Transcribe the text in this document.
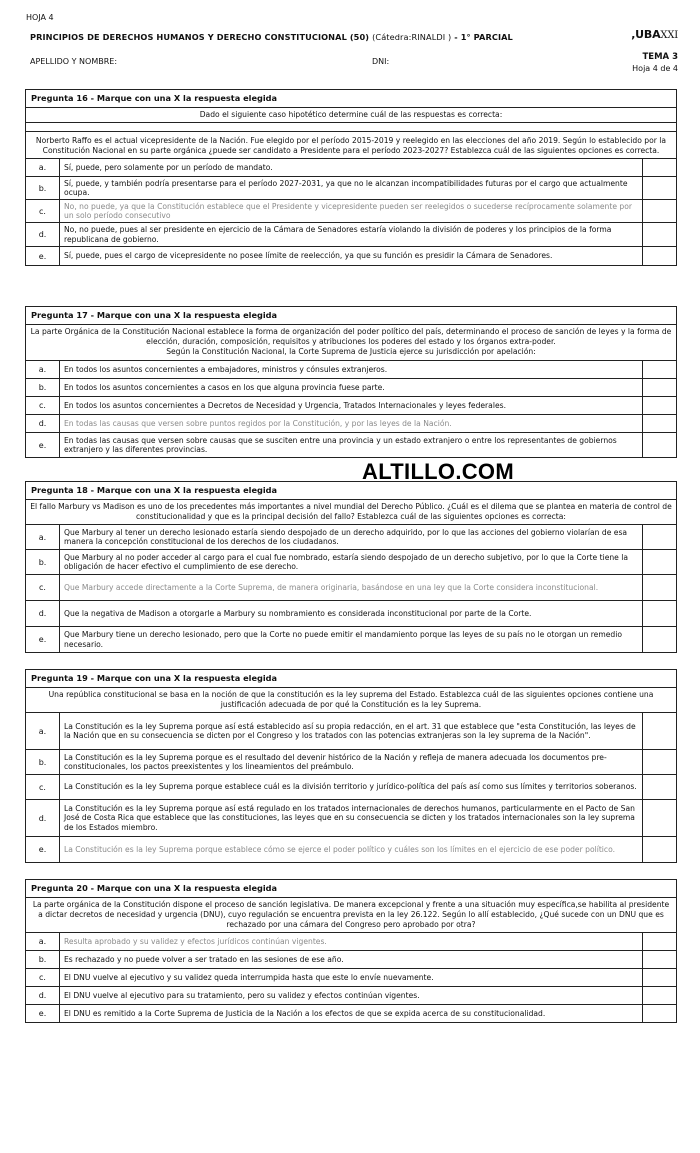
HOJA 4
PRINCIPIOS DE DERECHOS HUMANOS Y DERECHO CONSTITUCIONAL (50) (Cátedra:RINALDI ) - 1° PARCIAL	,UBAXXI
APELLIDO Y NOMBRE:	DNI:	TEMA 3
Hoja 4 de 4
Pregunta 16 - Marque con una X la respuesta elegida
Dado el siguiente caso hipotético determine cuál de las respuestas es correcta:
Norberto Raffo es el actual vicepresidente de la Nación. Fue elegido por el período 2015-2019 y reelegido en las elecciones del año 2019. Según lo establecido por la Constitución Nacional en su parte orgánica ¿puede ser candidato a Presidente para el período 2023-2027? Establezca cuál de las siguientes opciones es correcta.
a.	Sí, puede, pero solamente por un período de mandato.
b.
Sí, puede, y también podría presentarse para el período 2027-2031, ya que no le alcanzan incompatibilidades futuras por el cargo que actualmente ocupa.
c.
No, no puede, ya que la Constitución establece que el Presidente y vicepresidente pueden ser reelegidos o sucederse recíprocamente solamente por un solo período consecutivo
d.
No, no puede, pues al ser presidente en ejercicio de la Cámara de Senadores estaría violando la división de poderes y los principios de la forma republicana de gobierno.
e.	Sí, puede, pues el cargo de vicepresidente no posee límite de reelección, ya que su función es presidir la Cámara de Senadores.
Pregunta 17 - Marque con una X la respuesta elegida
La parte Orgánica de la Constitución Nacional establece la forma de organización del poder político del país, determinando el proceso de sanción de leyes y la forma de elección, duración, composición, requisitos y atribuciones los poderes del estado y los órganos extra-poder.
Según la Constitución Nacional, la Corte Suprema de Justicia ejerce su jurisdicción por apelación:
a.	En todos los asuntos concernientes a embajadores, ministros y cónsules extranjeros.
b.	En todos los asuntos concernientes a casos en los que alguna provincia fuese parte.
c.	En todos los asuntos concernientes a Decretos de Necesidad y Urgencia, Tratados Internacionales y leyes federales.
d.	En todas las causas que versen sobre puntos regidos por la Constitución, y por las leyes de la Nación.
e.
En todas las causas que versen sobre causas que se susciten entre una provincia y un estado extranjero o entre los representantes de gobiernos extranjero y las diferentes provincias.
ALTILLO.COM
Pregunta 18 - Marque con una X la respuesta elegida
El fallo Marbury vs Madison es uno de los precedentes más importantes a nivel mundial del Derecho Público. ¿Cuál es el dilema que se plantea en materia de control de constitucionalidad y que es la principal decisión del fallo? Establezca cuál de las siguientes opciones es correcta:
a.
Que Marbury al tener un derecho lesionado estaría siendo despojado de un derecho adquirido, por lo que las acciones del gobierno violarían de esa manera la concepción constitucional de los derechos de los ciudadanos.
b.
Que Marbury al no poder acceder al cargo para el cual fue nombrado, estaría siendo despojado de un derecho subjetivo, por lo que la Corte tiene la obligación de hacer efectivo el cumplimiento de ese derecho.
c.	Que Marbury accede directamente a la Corte Suprema, de manera originaria, basándose en una ley que la Corte considera inconstitucional.
d.	Que la negativa de Madison a otorgarle a Marbury su nombramiento es considerada inconstitucional por parte de la Corte.
e.
Que Marbury tiene un derecho lesionado, pero que la Corte no puede emitir el mandamiento porque las leyes de su país no le otorgan un remedio necesario.
Pregunta 19 - Marque con una X la respuesta elegida
Una república constitucional se basa en la noción de que la constitución es la ley suprema del Estado. Establezca cuál de las siguientes opciones contiene una justificación adecuada de por qué la Constitución es la ley Suprema.
a.
La Constitución es la ley Suprema porque así está establecido así su propia redacción, en el art. 31 que establece que "esta Constitución, las leyes de la Nación que en su consecuencia se dicten por el Congreso y los tratados con las potencias extranjeras son la ley suprema de la Nación".
b.
La Constitución es la ley Suprema porque es el resultado del devenir histórico de la Nación y refleja de manera adecuada los documentos pre-constitucionales, los pactos preexistentes y los lineamientos del preámbulo.
c.	La Constitución es la ley Suprema porque establece cuál es la división territorio y jurídico-política del país así como sus límites y territorios soberanos.
d.
La Constitución es la ley Suprema porque así está regulado en los tratados internacionales de derechos humanos, particularmente en el Pacto de San José de Costa Rica que establece que las constituciones, las leyes que en su consecuencia se dicten y los tratados internacionales son la ley suprema de los Estados miembro.
e.	La Constitución es la ley Suprema porque establece cómo se ejerce el poder político y cuáles son los límites en el ejercicio de ese poder político.
Pregunta 20 - Marque con una X la respuesta elegida
La parte orgánica de la Constitución dispone el proceso de sanción legislativa. De manera excepcional y frente a una situación muy específica,se habilita al presidente a dictar decretos de necesidad y urgencia (DNU), cuyo regulación se encuentra prevista en la ley 26.122. Según lo allí establecido, ¿Qué sucede con un DNU que es rechazado por una cámara del Congreso pero aprobado por otra?
a.	Resulta aprobado y su validez y efectos jurídicos continúan vigentes.
b.	Es rechazado y no puede volver a ser tratado en las sesiones de ese año.
c.	El DNU vuelve al ejecutivo y su validez queda interrumpida hasta que este lo envíe nuevamente.
d.	El DNU vuelve al ejecutivo para su tratamiento, pero su validez y efectos continúan vigentes.
e.	El DNU es remitido a la Corte Suprema de Justicia de la Nación a los efectos de que se expida acerca de su constitucionalidad.
